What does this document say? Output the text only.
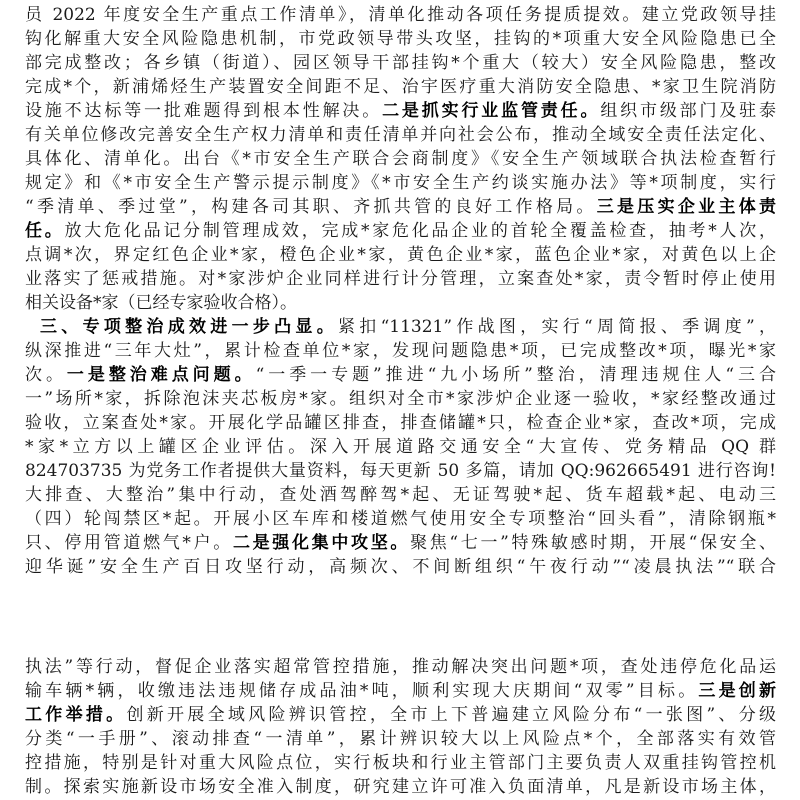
员 2022 年度安全生产重点工作清单》，清单化推动各项任务提质提效。建立党政领导挂
钩化解重大安全风险隐患机制，市党政领导带头攻坚，挂钩的*项重大安全风险隐患已全
部完成整改；各乡镇（街道）、园区领导干部挂钩*个重大（较大）安全风险隐患，整改
完成*个，新浦烯烃生产装置安全间距不足、治宇医疗重大消防安全隐患、*家卫生院消防
设施不达标等一批难题得到根本性解决。二是抓实行业监管责任。组织市级部门及驻泰
有关单位修改完善安全生产权力清单和责任清单并向社会公布，推动全域安全责任法定化、
具体化、清单化。出台《*市安全生产联合会商制度》《安全生产领域联合执法检查暂行
规定》和《*市安全生产警示提示制度》《*市安全生产约谈实施办法》等*项制度，实行
“季清单、季过堂”，构建各司其职、齐抓共管的良好工作格局。三是压实企业主体责
任。放大危化品记分制管理成效，完成*家危化品企业的首轮全覆盖检查，抽考*人次，
点调*次，界定红色企业*家，橙色企业*家，黄色企业*家，蓝色企业*家，对黄色以上企
业落实了惩戒措施。对*家涉炉企业同样进行计分管理，立案查处*家，责令暂时停止使用
相关设备*家（已经专家验收合格）。
三、专项整治成效进一步凸显。紧扣“11321”作战图，实行“周简报、季调度”，
纵深推进“三年大灶”，累计检查单位*家，发现问题隐患*项，已完成整改*项，曝光*家
次。一是整治难点问题。“一季一专题”推进“九小场所”整治，清理违规住人“三合
一”场所*家，拆除泡沫夹芯板房*家。组织对全市*家涉炉企业逐一验收，*家经整改通过
验收，立案查处*家。开展化学品罐区排查，排查储罐*只，检查企业*家，查改*项，完成
*家*立方以上罐区企业评估。深入开展道路交通安全“大宣传、党务精品 QQ 群
824703735 为党务工作者提供大量资料，每天更新 50 多篇，请加 QQ:962665491 进行咨询!
大排查、大整治”集中行动，查处酒驾醉驾*起、无证驾驶*起、货车超载*起、电动三
（四）轮闯禁区*起。开展小区车库和楼道燃气使用安全专项整治“回头看”，清除钢瓶*
只、停用管道燃气*户。二是强化集中攻坚。聚焦“七一”特殊敏感时期，开展“保安全、
迎华诞”安全生产百日攻坚行动，高频次、不间断组织“午夜行动”“凌晨执法”“联合
执法”等行动，督促企业落实超常管控措施，推动解决突出问题*项，查处违停危化品运
输车辆*辆，收缴违法违规储存成品油*吨，顺利实现大庆期间“双零”目标。三是创新
工作举措。创新开展全域风险辨识管控，全市上下普遍建立风险分布“一张图”、分级
分类“一手册”、滚动排查“一清单”，累计辨识较大以上风险点*个，全部落实有效管
控措施，特别是针对重大风险点位，实行板块和行业主管部门主要负责人双重挂钩管控机
制。探索实施新设市场安全准入制度，研究建立许可准入负面清单，凡是新设市场主体，
